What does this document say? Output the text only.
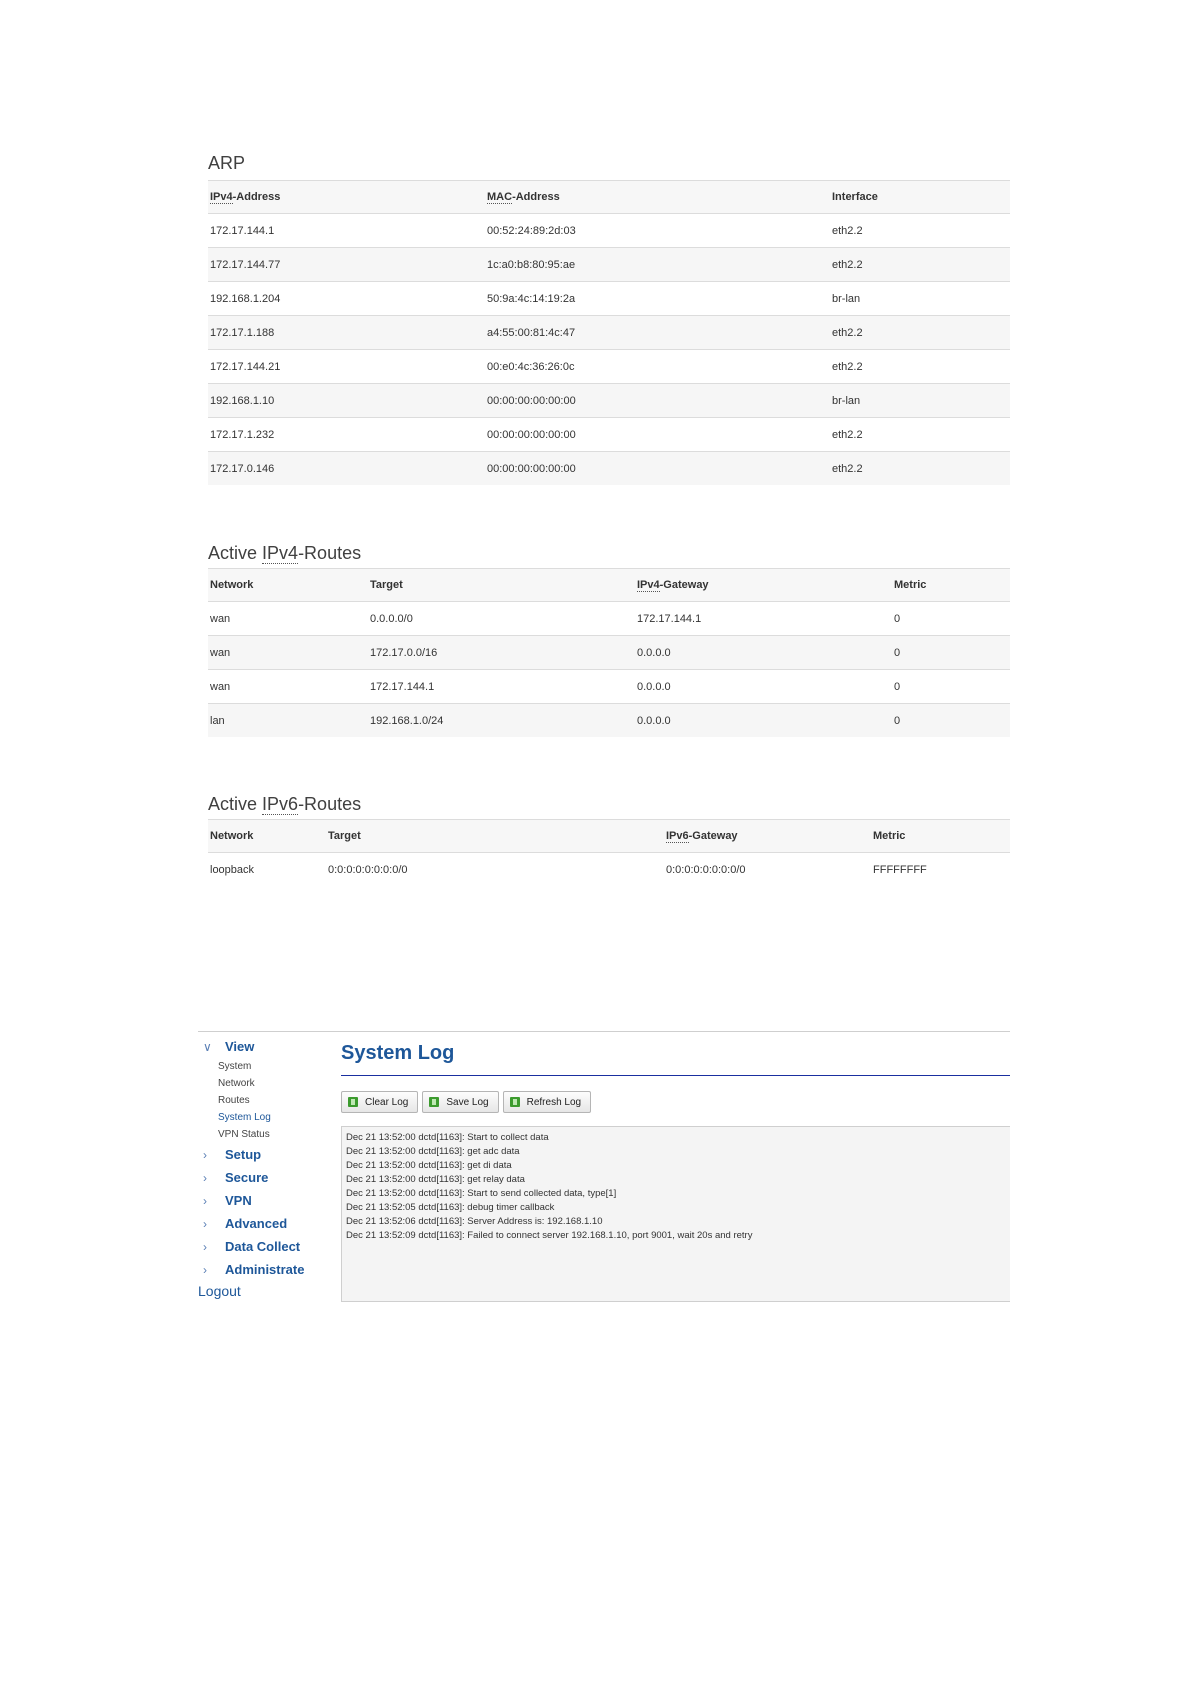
ARP
IPv4-Address	MAC-Address	Interface
172.17.144.1	00:52:24:89:2d:03	eth2.2
172.17.144.77	1c:a0:b8:80:95:ae	eth2.2
192.168.1.204	50:9a:4c:14:19:2a	br-lan
172.17.1.188	a4:55:00:81:4c:47	eth2.2
172.17.144.21	00:e0:4c:36:26:0c	eth2.2
192.168.1.10	00:00:00:00:00:00	br-lan
172.17.1.232	00:00:00:00:00:00	eth2.2
172.17.0.146	00:00:00:00:00:00	eth2.2
Active IPv4-Routes
Network	Target	IPv4-Gateway	Metric
wan	0.0.0.0/0	172.17.144.1	0
wan	172.17.0.0/16	0.0.0.0	0
wan	172.17.144.1	0.0.0.0	0
lan	192.168.1.0/24	0.0.0.0	0
Active IPv6-Routes
Network	Target	IPv6-Gateway	Metric
loopback	0:0:0:0:0:0:0:0/0	0:0:0:0:0:0:0:0/0	FFFFFFFF
∨	View
System
Network
Routes
System Log
VPN Status
›	Setup
›	Secure
›	VPN
›	Advanced
›	Data Collect
›	Administrate
Logout
System Log
Clear Log	Save Log	Refresh Log
Dec 21 13:52:00 dctd[1163]: Start to collect data
Dec 21 13:52:00 dctd[1163]: get adc data
Dec 21 13:52:00 dctd[1163]: get di data
Dec 21 13:52:00 dctd[1163]: get relay data
Dec 21 13:52:00 dctd[1163]: Start to send collected data, type[1]
Dec 21 13:52:05 dctd[1163]: debug timer callback
Dec 21 13:52:06 dctd[1163]: Server Address is: 192.168.1.10
Dec 21 13:52:09 dctd[1163]: Failed to connect server 192.168.1.10, port 9001, wait 20s and retry
